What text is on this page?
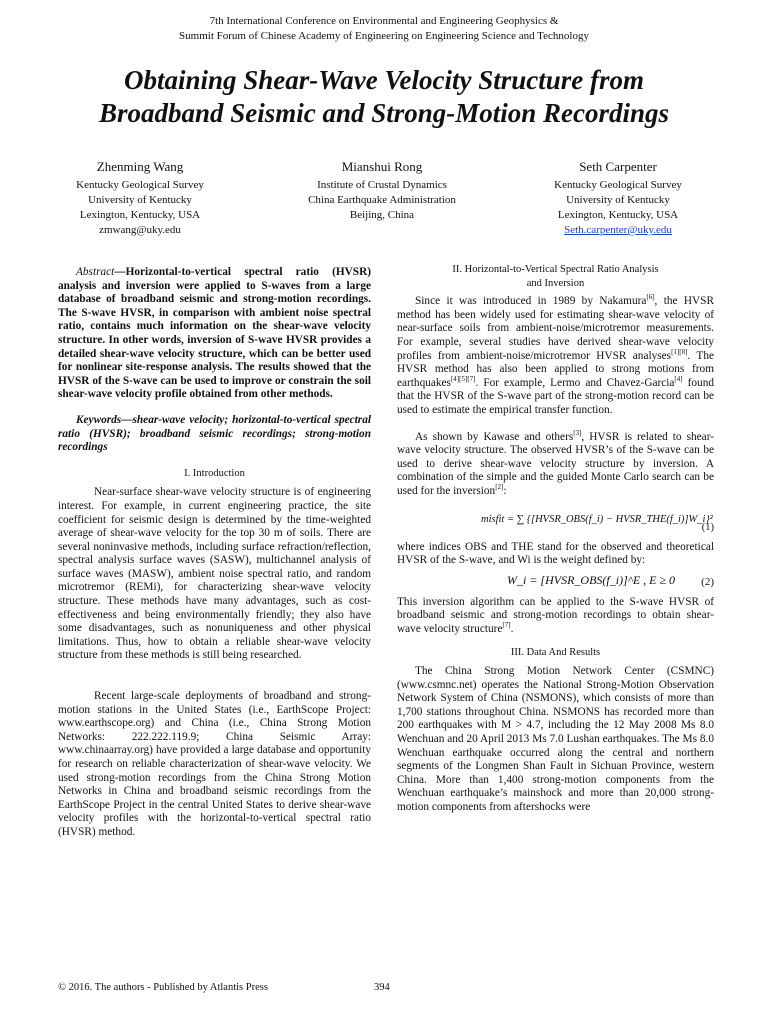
7th International Conference on Environmental and Engineering Geophysics &
Summit Forum of Chinese Academy of Engineering on Engineering Science and Technology
Obtaining Shear-Wave Velocity Structure from
Broadband Seismic and Strong-Motion Recordings
Zhenming Wang
Kentucky Geological Survey
University of Kentucky
Lexington, Kentucky, USA
zmwang@uky.edu
Mianshui Rong
Institute of Crustal Dynamics
China Earthquake Administration
Beijing, China
Seth Carpenter
Kentucky Geological Survey
University of Kentucky
Lexington, Kentucky, USA
Seth.carpenter@uky.edu

Abstract—Horizontal-to-vertical spectral ratio (HVSR) analysis and inversion were applied to S-waves from a large database of broadband seismic and strong-motion recordings. The S-wave HVSR, in comparison with ambient noise spectral ratio, contains much information on the shear-wave velocity structure. In other words, inversion of S-wave HVSR provides a detailed shear-wave velocity structure, which can be better used for nonlinear site-response analysis. The results showed that the HVSR of the S-wave can be used to improve or constrain the soil shear-wave velocity profile obtained from other methods.

Keywords—shear-wave velocity; horizontal-to-vertical spectral ratio (HVSR); broadband seismic recordings; strong-motion recordings

I. Introduction

Near-surface shear-wave velocity structure is of engineering interest. For example, in current engineering practice, the site coefficient for seismic design is determined by the time-weighted average of shear-wave velocity for the top 30 m of soils. There are several noninvasive methods, including surface refraction/reflection, spectral analysis surface waves (SASW), multichannel analysis of surface waves (MASW), ambient noise spectral ratio, and random microtremor (REMi), for characterizing shear-wave velocity structure. These methods have many advantages, such as cost-effectiveness and being environmentally friendly; they also have some disadvantages, such as nonuniqueness and other physical limitations. Thus, how to obtain a reliable shear-wave velocity structure from these methods is still being researched.

Recent large-scale deployments of broadband and strong-motion stations in the United States (i.e., EarthScope Project: www.earthscope.org) and China (i.e., China Strong Motion Networks: 222.222.119.9; China Seismic Array: www.chinaarray.org) have provided a large database and opportunity for research on reliable characterization of shear-wave velocity. We used strong-motion recordings from the China Strong Motion Networks in China and broadband seismic recordings from the EarthScope Project in the central United States to derive shear-wave velocity profiles with the horizontal-to-vertical spectral ratio (HVSR) method.

II. Horizontal-to-Vertical Spectral Ratio Analysis
and Inversion

Since it was introduced in 1989 by Nakamura[6], the HVSR method has been widely used for estimating shear-wave velocity of near-surface soils from ambient-noise/microtremor measurements. For example, several studies have derived shear-wave velocity profiles from ambient-noise/microtremor HVSR analyses[1][8]. The HVSR method has also been applied to strong motions from earthquakes[4][5][7]. For example, Lermo and Chavez-Garcia[4] found that the HVSR of the S-wave part of the strong-motion record can be used to estimate the empirical transfer function.

As shown by Kawase and others[3], HVSR is related to shear-wave velocity structure. The observed HVSR’s of the S-wave can be used to derive shear-wave velocity structure by inversion. A combination of the simple and the guided Monte Carlo search can be used for the inversion[2]:

misfit = ∑ {[HVSR_OBS(f_i) − HVSR_THE(f_i)]W_i}²
(1)

where indices OBS and THE stand for the observed and theoretical HVSR of the S-wave, and Wi is the weight defined by:

W_i = [HVSR_OBS(f_i)]^E , E ≥ 0 (2)

This inversion algorithm can be applied to the S-wave HVSR of broadband seismic and strong-motion recordings to obtain shear-wave velocity structure[7].

III. Data And Results

The China Strong Motion Network Center (CSMNC) (www.csmnc.net) operates the National Strong-Motion Observation Network System of China (NSMONS), which consists of more than 1,700 stations throughout China. NSMONS has recorded more than 200 earthquakes with M > 4.7, including the 12 May 2008 Ms 8.0 Wenchuan and 20 April 2013 Ms 7.0 Lushan earthquakes. The Ms 8.0 Wenchuan earthquake occurred along the central and northern segments of the Longmen Shan Fault in Sichuan Province, western China. More than 1,400 strong-motion components from the Wenchuan earthquake’s mainshock and more than 20,000 strong-motion components from aftershocks were

© 2016. The authors - Published by Atlantis Press	394
